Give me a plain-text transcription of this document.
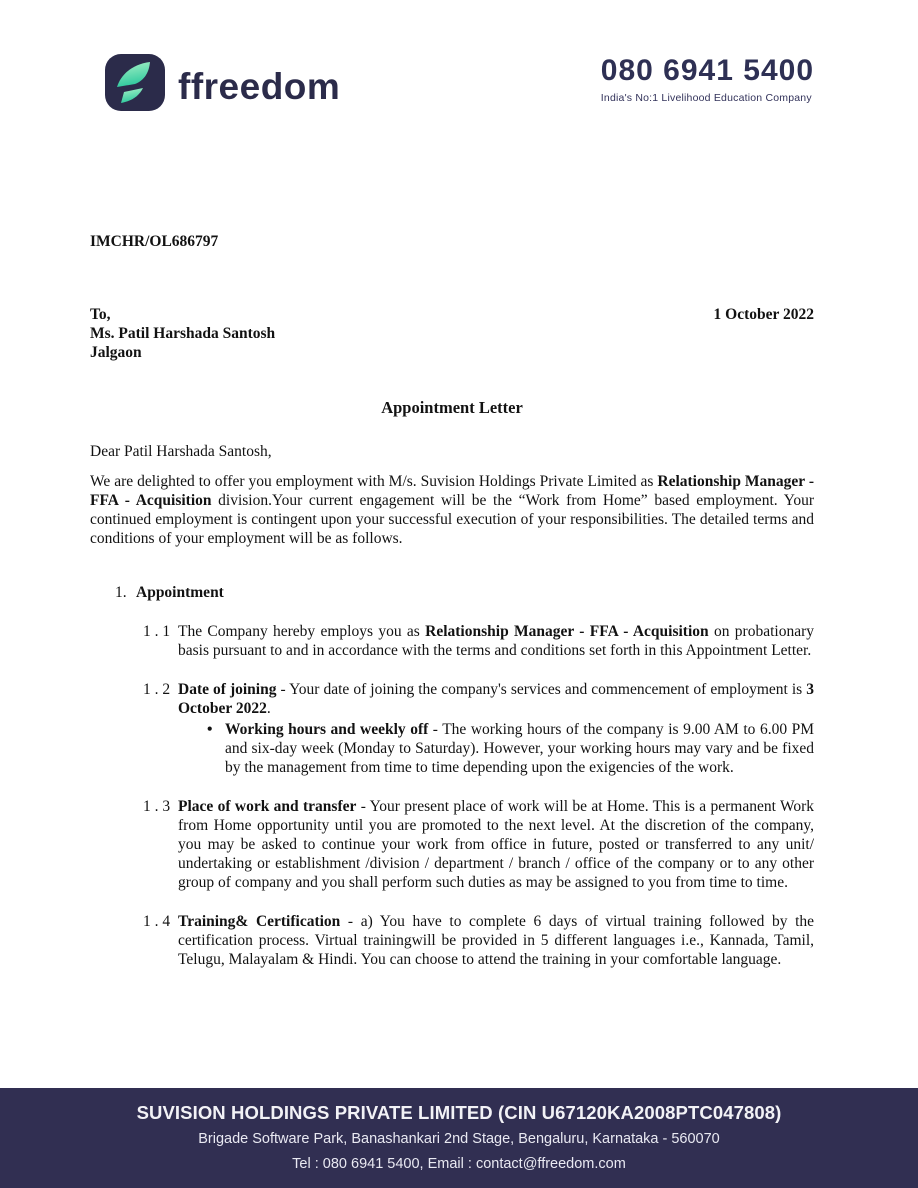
ffreedom	080 6941 5400
India's No:1 Livelihood Education Company
IMCHR/OL686797
To,	1 October 2022
Ms. Patil Harshada Santosh
Jalgaon
Appointment Letter
Dear Patil Harshada Santosh,
We are delighted to offer you employment with M/s. Suvision Holdings Private Limited as Relationship Manager - FFA - Acquisition division.Your current engagement will be the “Work from Home” based employment. Your continued employment is contingent upon your successful execution of your responsibilities. The detailed terms and conditions of your employment will be as follows.
1. Appointment
1 . 1 The Company hereby employs you as Relationship Manager - FFA - Acquisition on probationary basis pursuant to and in accordance with the terms and conditions set forth in this Appointment Letter.
1 . 2 Date of joining - Your date of joining the company's services and commencement of employment is 3 October 2022.
• Working hours and weekly off - The working hours of the company is 9.00 AM to 6.00 PM and six-day week (Monday to Saturday). However, your working hours may vary and be fixed by the management from time to time depending upon the exigencies of the work.
1 . 3 Place of work and transfer - Your present place of work will be at Home. This is a permanent Work from Home opportunity until you are promoted to the next level. At the discretion of the company, you may be asked to continue your work from office in future, posted or transferred to any unit/ undertaking or establishment /division / department / branch / office of the company or to any other group of company and you shall perform such duties as may be assigned to you from time to time.
1 . 4 Training& Certification - a) You have to complete 6 days of virtual training followed by the certification process. Virtual trainingwill be provided in 5 different languages i.e., Kannada, Tamil, Telugu, Malayalam & Hindi. You can choose to attend the training in your comfortable language.
SUVISION HOLDINGS PRIVATE LIMITED (CIN U67120KA2008PTC047808)
Brigade Software Park, Banashankari 2nd Stage, Bengaluru, Karnataka - 560070
Tel : 080 6941 5400, Email : contact@ffreedom.com
